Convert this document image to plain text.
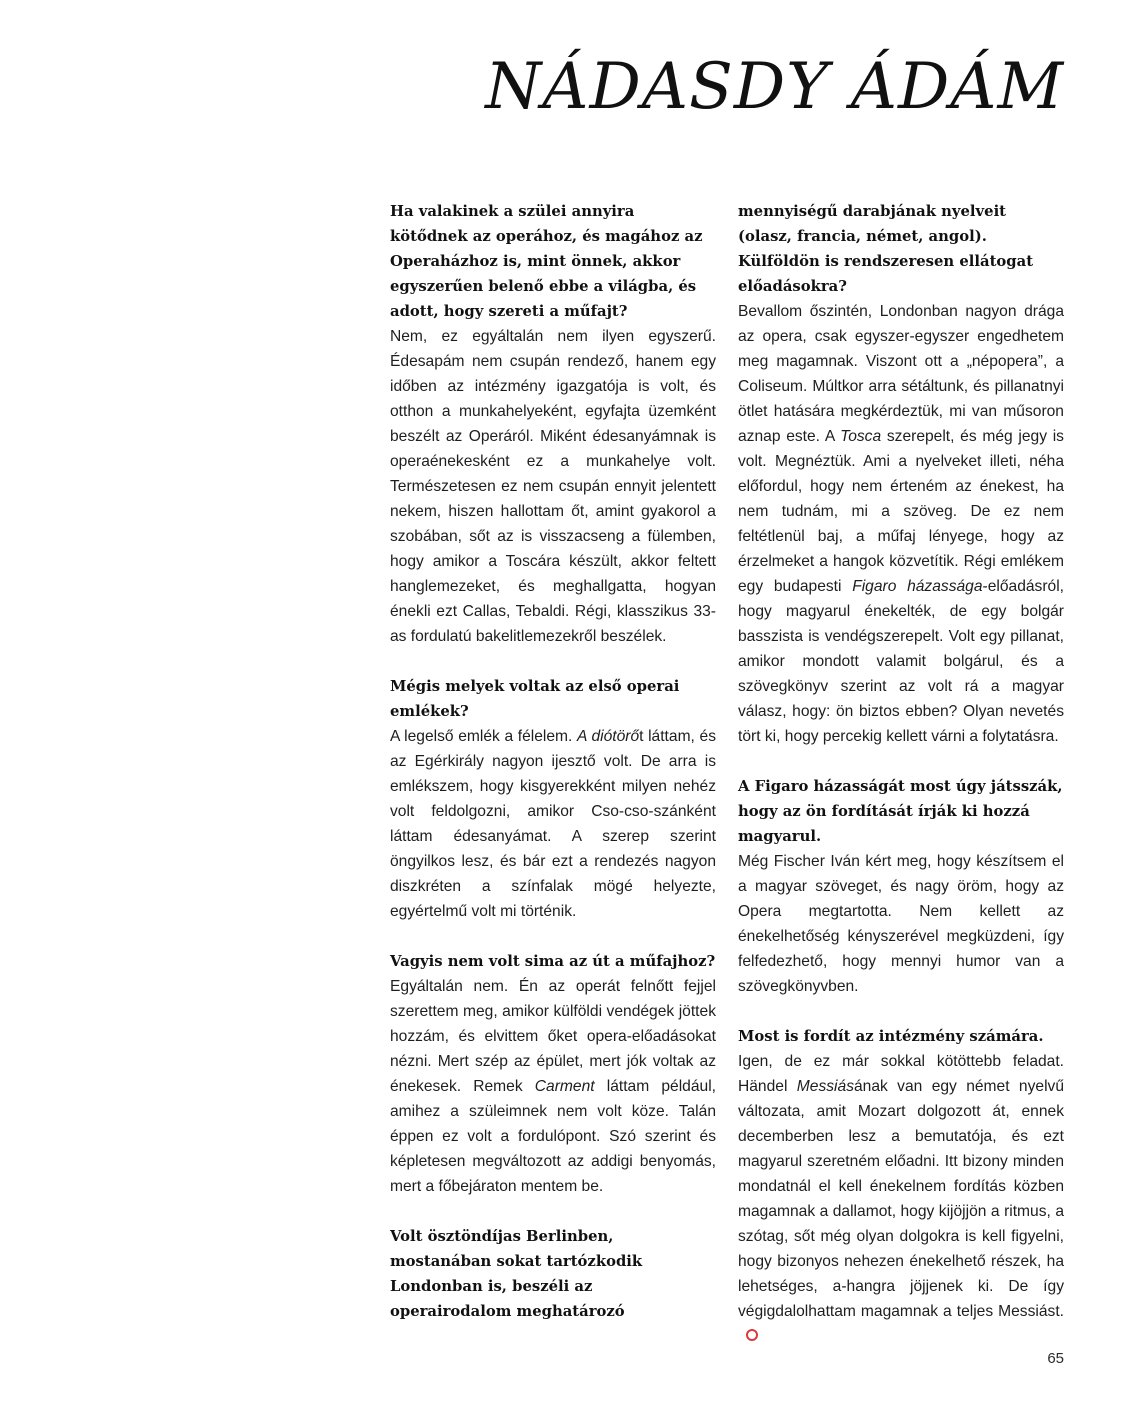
NÁDASDY ÁDÁM

Ha valakinek a szülei annyira kötődnek az operához, és magához az Operaházhoz is, mint önnek, akkor egyszerűen belenő ebbe a világba, és adott, hogy szereti a műfajt?

Nem, ez egyáltalán nem ilyen egyszerű. Édesapám nem csupán rendező, hanem egy időben az intézmény igazgatója is volt, és otthon a munkahelyeként, egyfajta üzemként beszélt az Operáról. Miként édesanyámnak is operaénekesként ez a munkahelye volt. Természetesen ez nem csupán ennyit jelentett nekem, hiszen hallottam őt, amint gyakorol a szobában, sőt az is visszacseng a fülemben, hogy amikor a Toscára készült, akkor feltett hanglemezeket, és meghallgatta, hogyan énekli ezt Callas, Tebaldi. Régi, klasszikus 33-as fordulatú bakelitlemezekről beszélek.

Mégis melyek voltak az első operai emlékek?

A legelső emlék a félelem. A diótörőt láttam, és az Egérkirály nagyon ijesztő volt. De arra is emlékszem, hogy kisgyerekként milyen nehéz volt feldolgozni, amikor Cso-cso-szánként láttam édesanyámat. A szerep szerint öngyilkos lesz, és bár ezt a rendezés nagyon diszkréten a színfalak mögé helyezte, egyértelmű volt mi történik.

Vagyis nem volt sima az út a műfajhoz?

Egyáltalán nem. Én az operát felnőtt fejjel szerettem meg, amikor külföldi vendégek jöttek hozzám, és elvittem őket opera-előadásokat nézni. Mert szép az épület, mert jók voltak az énekesek. Remek Carment láttam például, amihez a szüleimnek nem volt köze. Talán éppen ez volt a fordulópont. Szó szerint és képletesen megváltozott az addigi benyomás, mert a főbejáraton mentem be.

Volt ösztöndíjas Berlinben, mostanában sokat tartózkodik Londonban is, beszéli az operairodalom meghatározó

mennyiségű darabjának nyelveit (olasz, francia, német, angol). Külföldön is rendszeresen ellátogat előadásokra?

Bevallom őszintén, Londonban nagyon drága az opera, csak egyszer-egyszer engedhetem meg magamnak. Viszont ott a „népopera”, a Coliseum. Múltkor arra sétáltunk, és pillanatnyi ötlet hatására megkérdeztük, mi van műsoron aznap este. A Tosca szerepelt, és még jegy is volt. Megnéztük. Ami a nyelveket illeti, néha előfordul, hogy nem érteném az énekest, ha nem tudnám, mi a szöveg. De ez nem feltétlenül baj, a műfaj lényege, hogy az érzelmeket a hangok közvetítik. Régi emlékem egy budapesti Figaro házassága-előadásról, hogy magyarul énekelték, de egy bolgár basszista is vendégszerepelt. Volt egy pillanat, amikor mondott valamit bolgárul, és a szövegkönyv szerint az volt rá a magyar válasz, hogy: ön biztos ebben? Olyan nevetés tört ki, hogy percekig kellett várni a folytatásra.

A Figaro házasságát most úgy játsszák, hogy az ön fordítását írják ki hozzá magyarul.

Még Fischer Iván kért meg, hogy készítsem el a magyar szöveget, és nagy öröm, hogy az Opera megtartotta. Nem kellett az énekelhetőség kényszerével megküzdeni, így felfedezhető, hogy mennyi humor van a szövegkönyvben.

Most is fordít az intézmény számára.

Igen, de ez már sokkal kötöttebb feladat. Händel Messiásának van egy német nyelvű változata, amit Mozart dolgozott át, ennek decemberben lesz a bemutatója, és ezt magyarul szeretném előadni. Itt bizony minden mondatnál el kell énekelnem fordítás közben magamnak a dallamot, hogy kijöjjön a ritmus, a szótag, sőt még olyan dolgokra is kell figyelni, hogy bizonyos nehezen énekelhető részek, ha lehetséges, a-hangra jöjjenek ki. De így végigdalolhattam magamnak a teljes Messiást.

65
